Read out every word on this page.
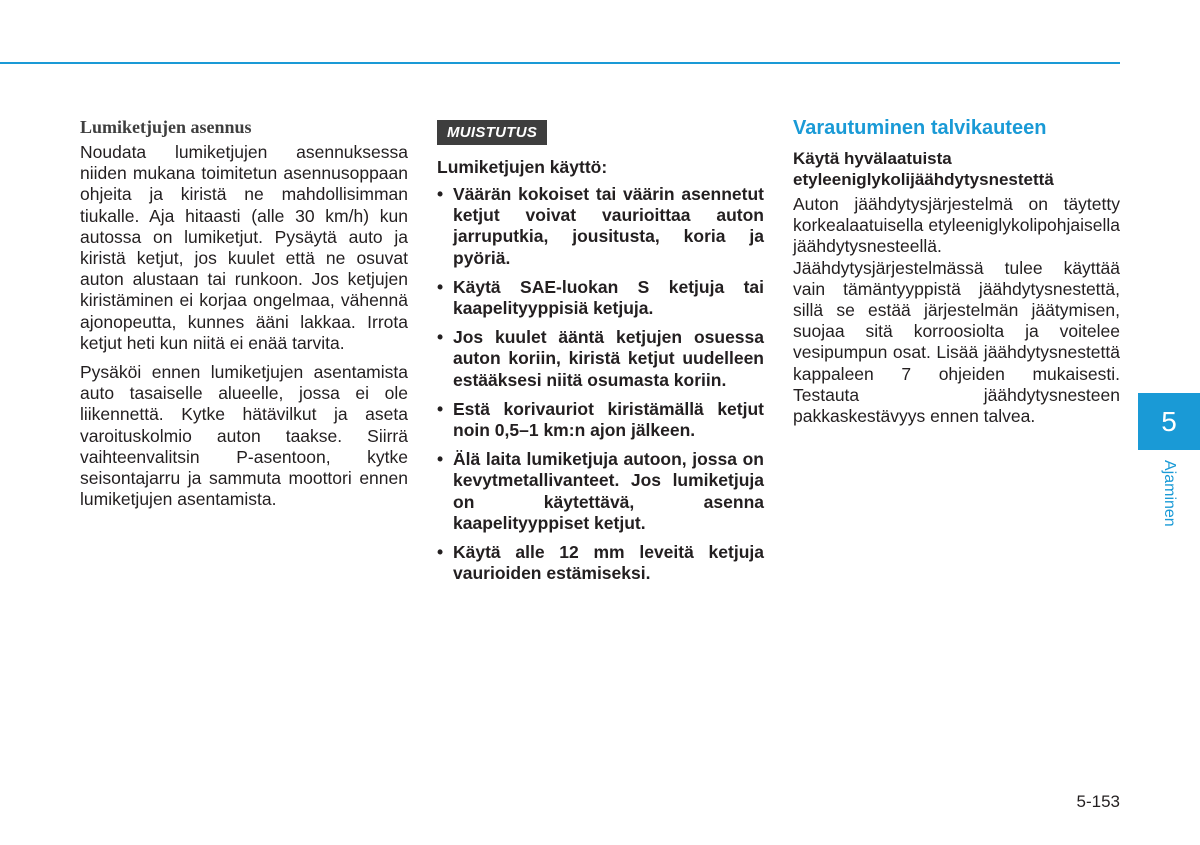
Lumiketjujen asennus

Noudata lumiketjujen asennuksessa niiden mukana toimitetun asennusoppaan ohjeita ja kiristä ne mahdollisimman tiukalle. Aja hitaasti (alle 30 km/h) kun autossa on lumiketjut. Pysäytä auto ja kiristä ketjut, jos kuulet että ne osuvat auton alustaan tai runkoon. Jos ketjujen kiristäminen ei korjaa ongelmaa, vähennä ajonopeutta, kunnes ääni lakkaa. Irrota ketjut heti kun niitä ei enää tarvita.

Pysäköi ennen lumiketjujen asentamista auto tasaiselle alueelle, jossa ei ole liikennettä. Kytke hätävilkut ja aseta varoituskolmio auton taakse. Siirrä vaihteenvalitsin P-asentoon, kytke seisontajarru ja sammuta moottori ennen lumiketjujen asentamista.

MUISTUTUS
Lumiketjujen käyttö:
• Väärän kokoiset tai väärin asennetut ketjut voivat vaurioittaa auton jarruputkia, jousitusta, koria ja pyöriä.
• Käytä SAE-luokan S ketjuja tai kaapelityyppisiä ketjuja.
• Jos kuulet ääntä ketjujen osuessa auton koriin, kiristä ketjut uudelleen estääksesi niitä osumasta koriin.
• Estä korivauriot kiristämällä ketjut noin 0,5–1 km:n ajon jälkeen.
• Älä laita lumiketjuja autoon, jossa on kevytmetallivanteet. Jos lumiketjuja on käytettävä, asenna kaapelityyppiset ketjut.
• Käytä alle 12 mm leveitä ketjuja vaurioiden estämiseksi.
Varautuminen talvikauteen
Käytä hyvälaatuista etyleeniglykolijäähdytysnestettä

Auton jäähdytysjärjestelmä on täytetty korkealaatuisella etyleeniglykolipohjaisella jäähdytysnesteellä. Jäähdytysjärjestelmässä tulee käyttää vain tämäntyyppistä jäähdytysnestettä, sillä se estää järjestelmän jäätymisen, suojaa sitä korroosiolta ja voitelee vesipumpun osat. Lisää jäähdytysnestettä kappaleen 7 ohjeiden mukaisesti. Testauta jäähdytysnesteen pakkaskestävyys ennen talvea.	5
Ajaminen
5-153
